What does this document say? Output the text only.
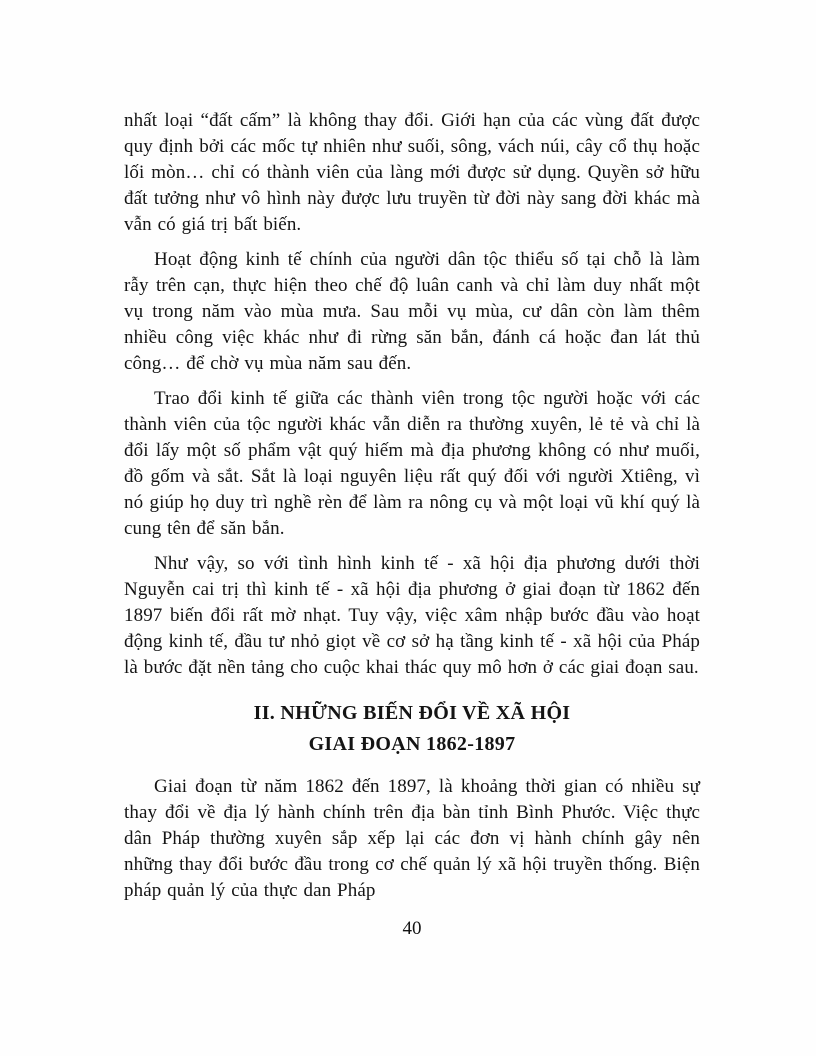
nhất loại “đất cấm” là không thay đổi. Giới hạn của các vùng đất được quy định bởi các mốc tự nhiên như suối, sông, vách núi, cây cổ thụ hoặc lối mòn… chỉ có thành viên của làng mới được sử dụng. Quyền sở hữu đất tưởng như vô hình này được lưu truyền từ đời này sang đời khác mà vẫn có giá trị bất biến.

Hoạt động kinh tế chính của người dân tộc thiểu số tại chỗ là làm rẫy trên cạn, thực hiện theo chế độ luân canh và chỉ làm duy nhất một vụ trong năm vào mùa mưa. Sau mỗi vụ mùa, cư dân còn làm thêm nhiều công việc khác như đi rừng săn bắn, đánh cá hoặc đan lát thủ công… để chờ vụ mùa năm sau đến.

Trao đổi kinh tế giữa các thành viên trong tộc người hoặc với các thành viên của tộc người khác vẫn diễn ra thường xuyên, lẻ tẻ và chỉ là đổi lấy một số phẩm vật quý hiếm mà địa phương không có như muối, đồ gốm và sắt. Sắt là loại nguyên liệu rất quý đối với người Xtiêng, vì nó giúp họ duy trì nghề rèn để làm ra nông cụ và một loại vũ khí quý là cung tên để săn bắn.

Như vậy, so với tình hình kinh tế - xã hội địa phương dưới thời Nguyễn cai trị thì kinh tế - xã hội địa phương ở giai đoạn từ 1862 đến 1897 biến đổi rất mờ nhạt. Tuy vậy, việc xâm nhập bước đầu vào hoạt động kinh tế, đầu tư nhỏ giọt về cơ sở hạ tầng kinh tế - xã hội của Pháp là bước đặt nền tảng cho cuộc khai thác quy mô hơn ở các giai đoạn sau.

II. NHỮNG BIẾN ĐỔI VỀ XÃ HỘI
GIAI ĐOẠN 1862-1897

Giai đoạn từ năm 1862 đến 1897, là khoảng thời gian có nhiều sự thay đổi về địa lý hành chính trên địa bàn tỉnh Bình Phước. Việc thực dân Pháp thường xuyên sắp xếp lại các đơn vị hành chính gây nên những thay đổi bước đầu trong cơ chế quản lý xã hội truyền thống. Biện pháp quản lý của thực dan Pháp

40
